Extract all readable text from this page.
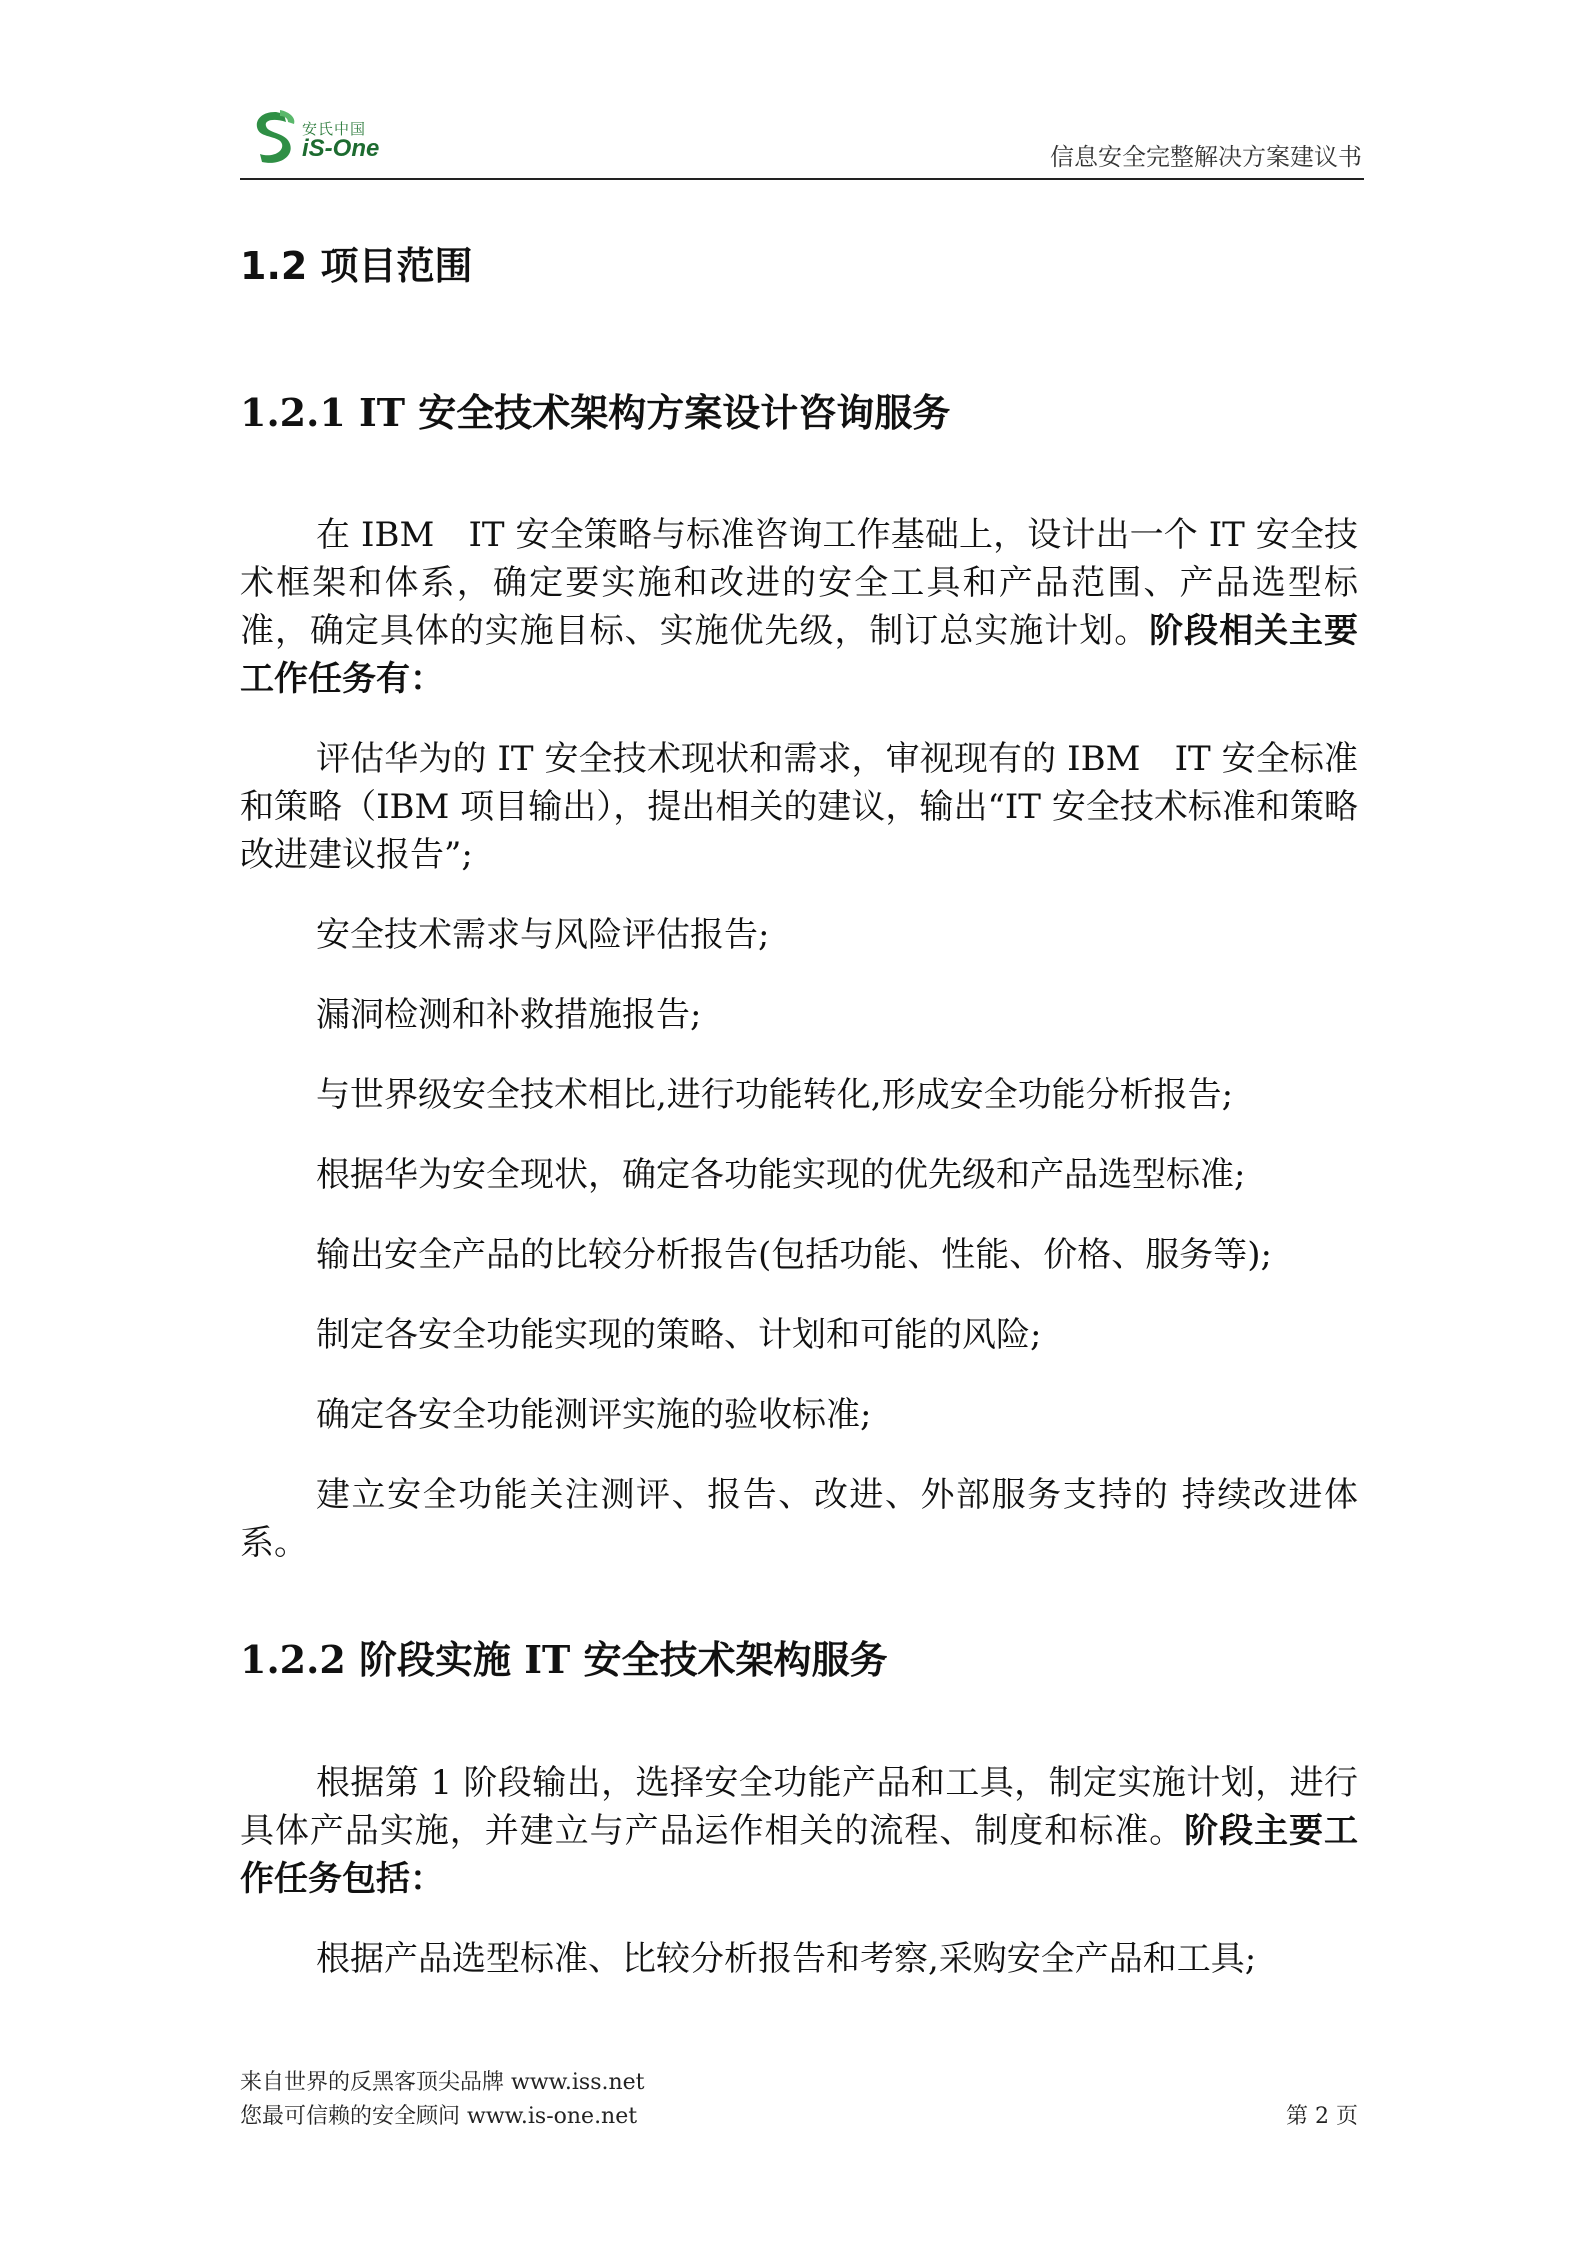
安氏中国
iS-One	信息安全完整解决方案建议书
1.2 项目范围
1.2.1 IT 安全技术架构方案设计咨询服务

在 IBM　IT 安全策略与标准咨询工作基础上，设计出一个 IT 安全技术框架和体系，确定要实施和改进的安全工具和产品范围、产品选型标准，确定具体的实施目标、实施优先级，制订总实施计划。阶段相关主要工作任务有：

评估华为的 IT 安全技术现状和需求，审视现有的 IBM　IT 安全标准和策略（IBM 项目输出），提出相关的建议，输出“IT 安全技术标准和策略改进建议报告”;

安全技术需求与风险评估报告;

漏洞检测和补救措施报告;

与世界级安全技术相比,进行功能转化,形成安全功能分析报告;

根据华为安全现状，确定各功能实现的优先级和产品选型标准;

输出安全产品的比较分析报告(包括功能、性能、价格、服务等);

制定各安全功能实现的策略、计划和可能的风险;

确定各安全功能测评实施的验收标准;

建立安全功能关注测评、报告、改进、外部服务支持的 持续改进体系。

1.2.2 阶段实施 IT 安全技术架构服务

根据第 1 阶段输出，选择安全功能产品和工具，制定实施计划，进行具体产品实施，并建立与产品运作相关的流程、制度和标准。阶段主要工作任务包括：

根据产品选型标准、比较分析报告和考察,采购安全产品和工具;

来自世界的反黑客顶尖品牌 www.iss.net
您最可信赖的安全顾问 www.is-one.net	第 2 页
